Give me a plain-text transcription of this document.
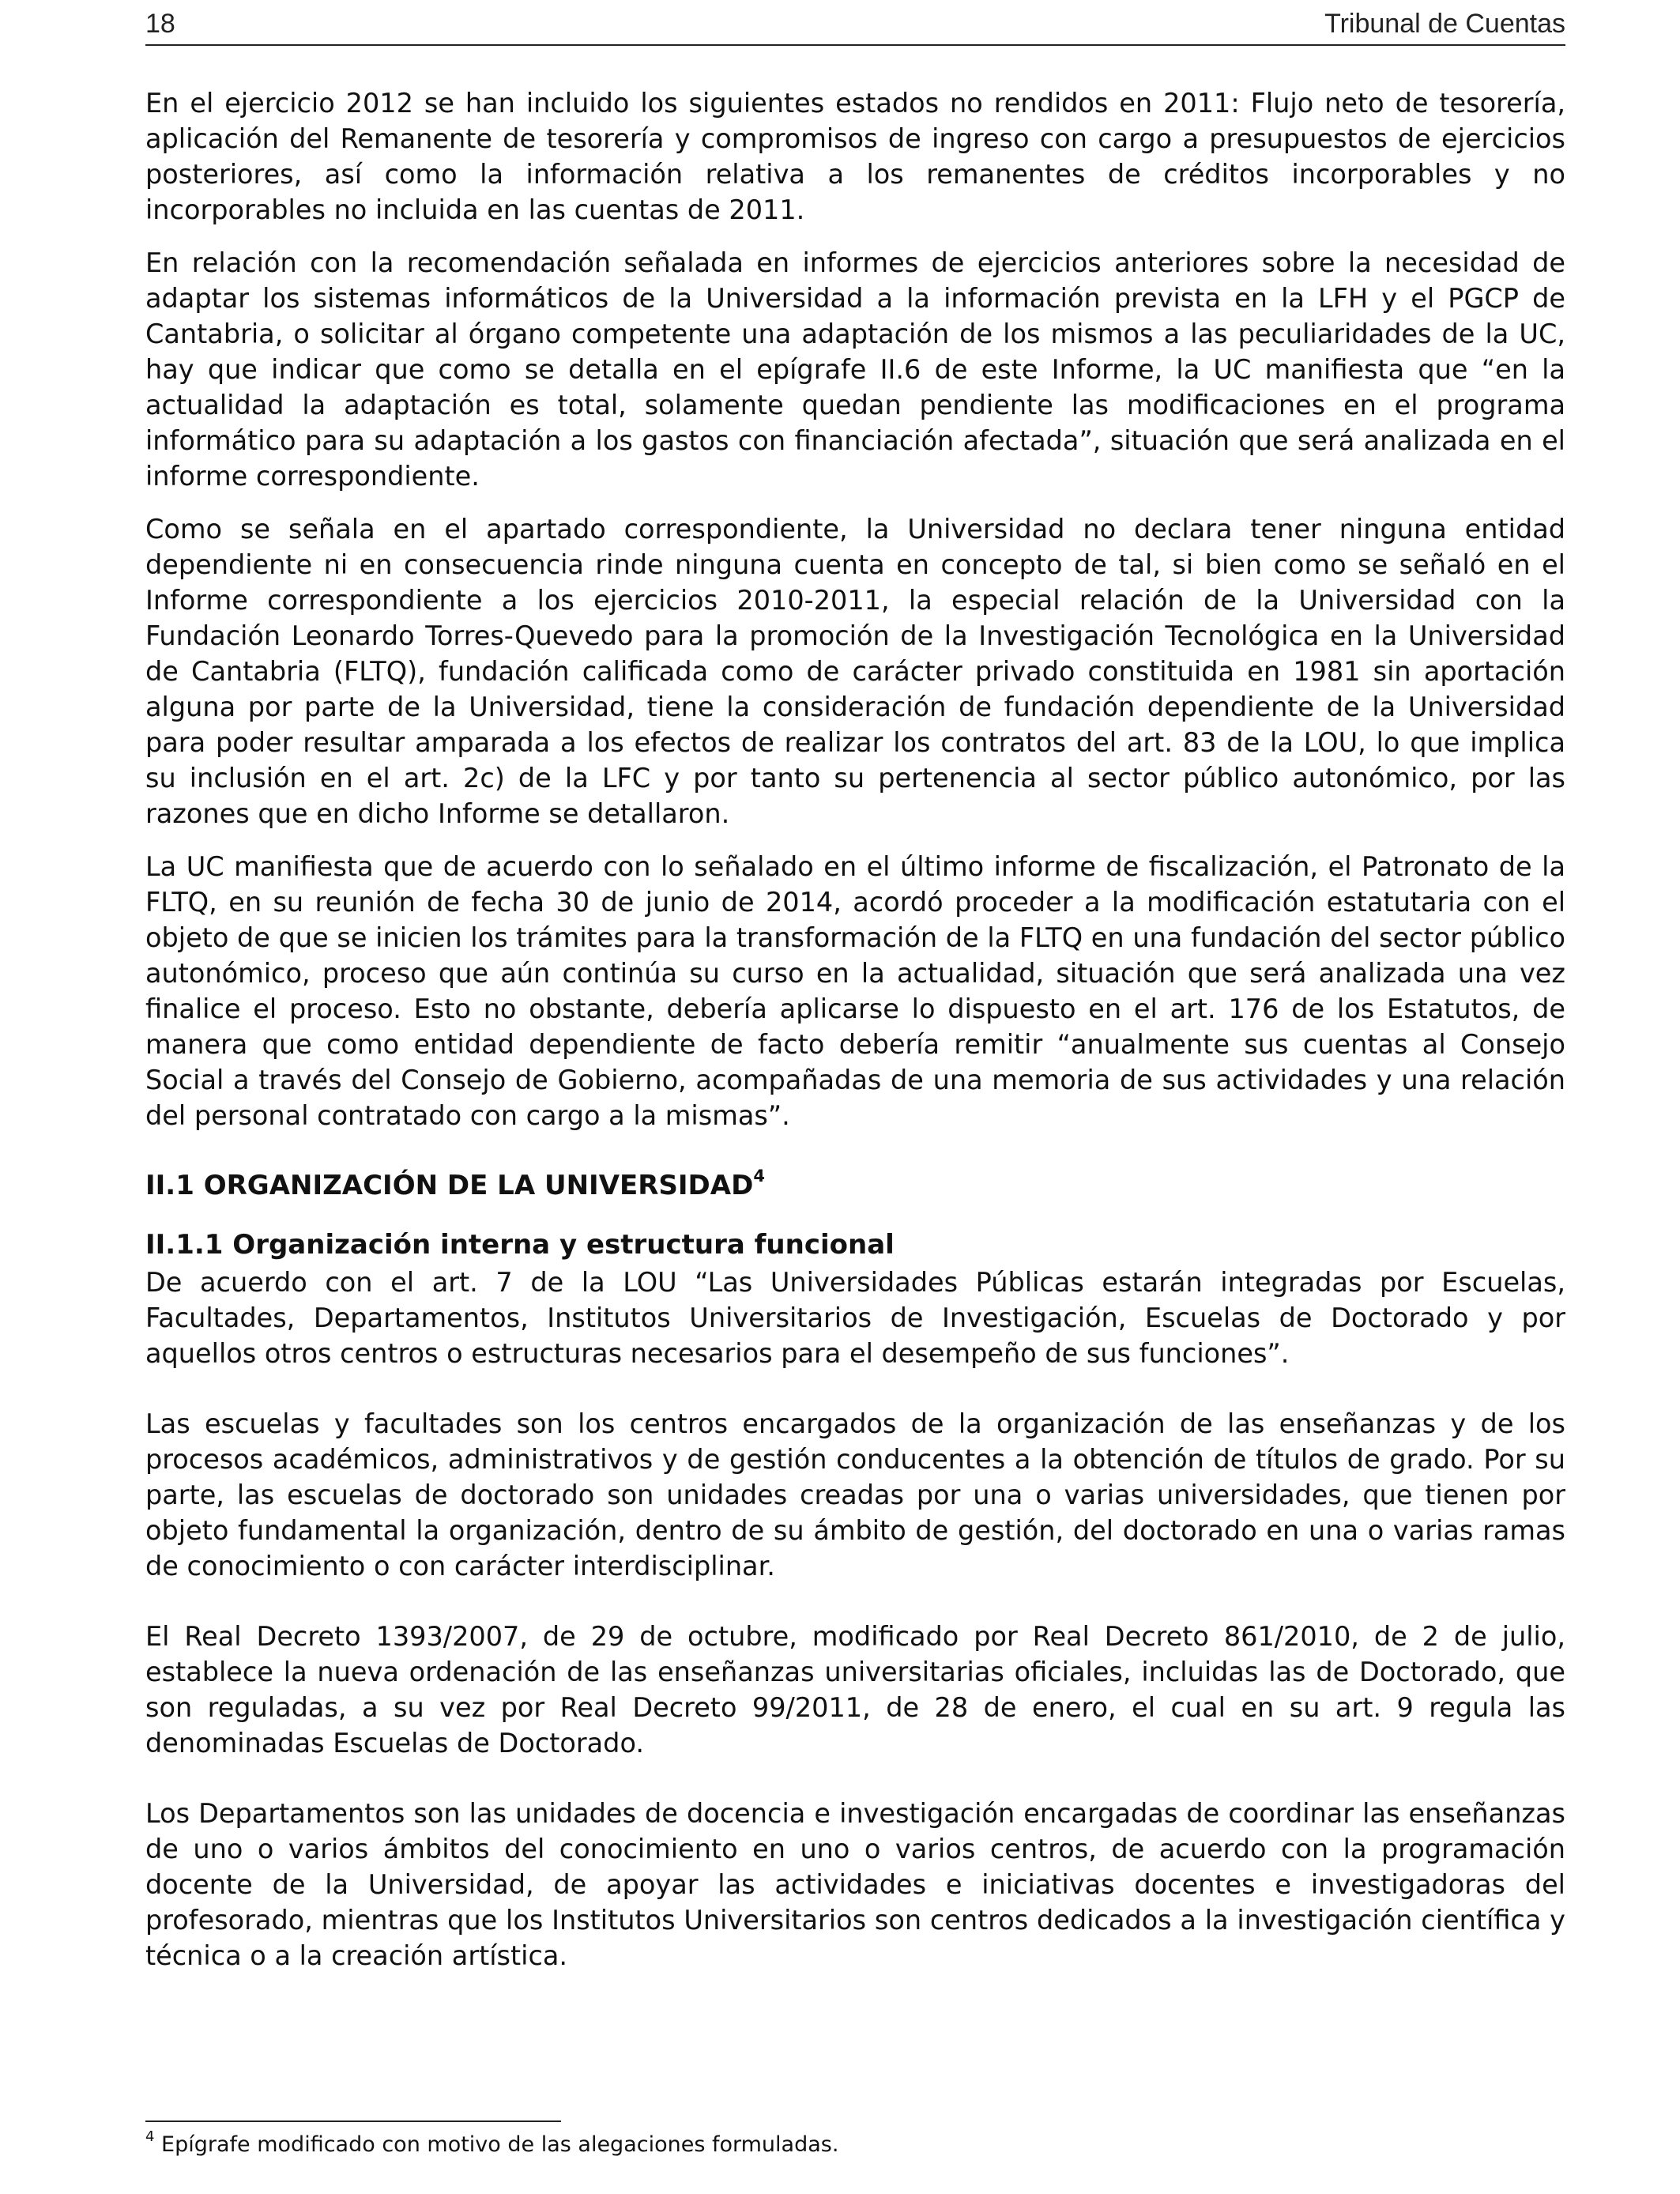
18	Tribunal de Cuentas

En el ejercicio 2012 se han incluido los siguientes estados no rendidos en 2011: Flujo neto de tesorería, aplicación del Remanente de tesorería y compromisos de ingreso con cargo a presupuestos de ejercicios posteriores, así como la información relativa a los remanentes de créditos incorporables y no incorporables no incluida en las cuentas de 2011.

En relación con la recomendación señalada en informes de ejercicios anteriores sobre la necesidad de adaptar los sistemas informáticos de la Universidad a la información prevista en la LFH y el PGCP de Cantabria, o solicitar al órgano competente una adaptación de los mismos a las peculiaridades de la UC, hay que indicar que como se detalla en el epígrafe II.6 de este Informe, la UC manifiesta que “en la actualidad la adaptación es total, solamente quedan pendiente las modificaciones en el programa informático para su adaptación a los gastos con financiación afectada”, situación que será analizada en el informe correspondiente.

Como se señala en el apartado correspondiente, la Universidad no declara tener ninguna entidad dependiente ni en consecuencia rinde ninguna cuenta en concepto de tal, si bien como se señaló en el Informe correspondiente a los ejercicios 2010-2011, la especial relación de la Universidad con la Fundación Leonardo Torres-Quevedo para la promoción de la Investigación Tecnológica en la Universidad de Cantabria (FLTQ), fundación calificada como de carácter privado constituida en 1981 sin aportación alguna por parte de la Universidad, tiene la consideración de fundación dependiente de la Universidad para poder resultar amparada a los efectos de realizar los contratos del art. 83 de la LOU, lo que implica su inclusión en el art. 2c) de la LFC y por tanto su pertenencia al sector público autonómico, por las razones que en dicho Informe se detallaron.

La UC manifiesta que de acuerdo con lo señalado en el último informe de fiscalización, el Patronato de la FLTQ, en su reunión de fecha 30 de junio de 2014, acordó proceder a la modificación estatutaria con el objeto de que se inicien los trámites para la transformación de la FLTQ en una fundación del sector público autonómico, proceso que aún continúa su curso en la actualidad, situación que será analizada una vez finalice el proceso. Esto no obstante, debería aplicarse lo dispuesto en el art. 176 de los Estatutos, de manera que como entidad dependiente de facto debería remitir “anualmente sus cuentas al Consejo Social a través del Consejo de Gobierno, acompañadas de una memoria de sus actividades y una relación del personal contratado con cargo a la mismas”.

II.1 ORGANIZACIÓN DE LA UNIVERSIDAD$^4$
II.1.1 Organización interna y estructura funcional

De acuerdo con el art. 7 de la LOU “Las Universidades Públicas estarán integradas por Escuelas, Facultades, Departamentos, Institutos Universitarios de Investigación, Escuelas de Doctorado y por aquellos otros centros o estructuras necesarios para el desempeño de sus funciones”.

Las escuelas y facultades son los centros encargados de la organización de las enseñanzas y de los procesos académicos, administrativos y de gestión conducentes a la obtención de títulos de grado. Por su parte, las escuelas de doctorado son unidades creadas por una o varias universidades, que tienen por objeto fundamental la organización, dentro de su ámbito de gestión, del doctorado en una o varias ramas de conocimiento o con carácter interdisciplinar.

El Real Decreto 1393/2007, de 29 de octubre, modificado por Real Decreto 861/2010, de 2 de julio, establece la nueva ordenación de las enseñanzas universitarias oficiales, incluidas las de Doctorado, que son reguladas, a su vez por Real Decreto 99/2011, de 28 de enero, el cual en su art. 9 regula las denominadas Escuelas de Doctorado.

Los Departamentos son las unidades de docencia e investigación encargadas de coordinar las enseñanzas de uno o varios ámbitos del conocimiento en uno o varios centros, de acuerdo con la programación docente de la Universidad, de apoyar las actividades e iniciativas docentes e investigadoras del profesorado, mientras que los Institutos Universitarios son centros dedicados a la investigación científica y técnica o a la creación artística.

$^4$ Epígrafe modificado con motivo de las alegaciones formuladas.
